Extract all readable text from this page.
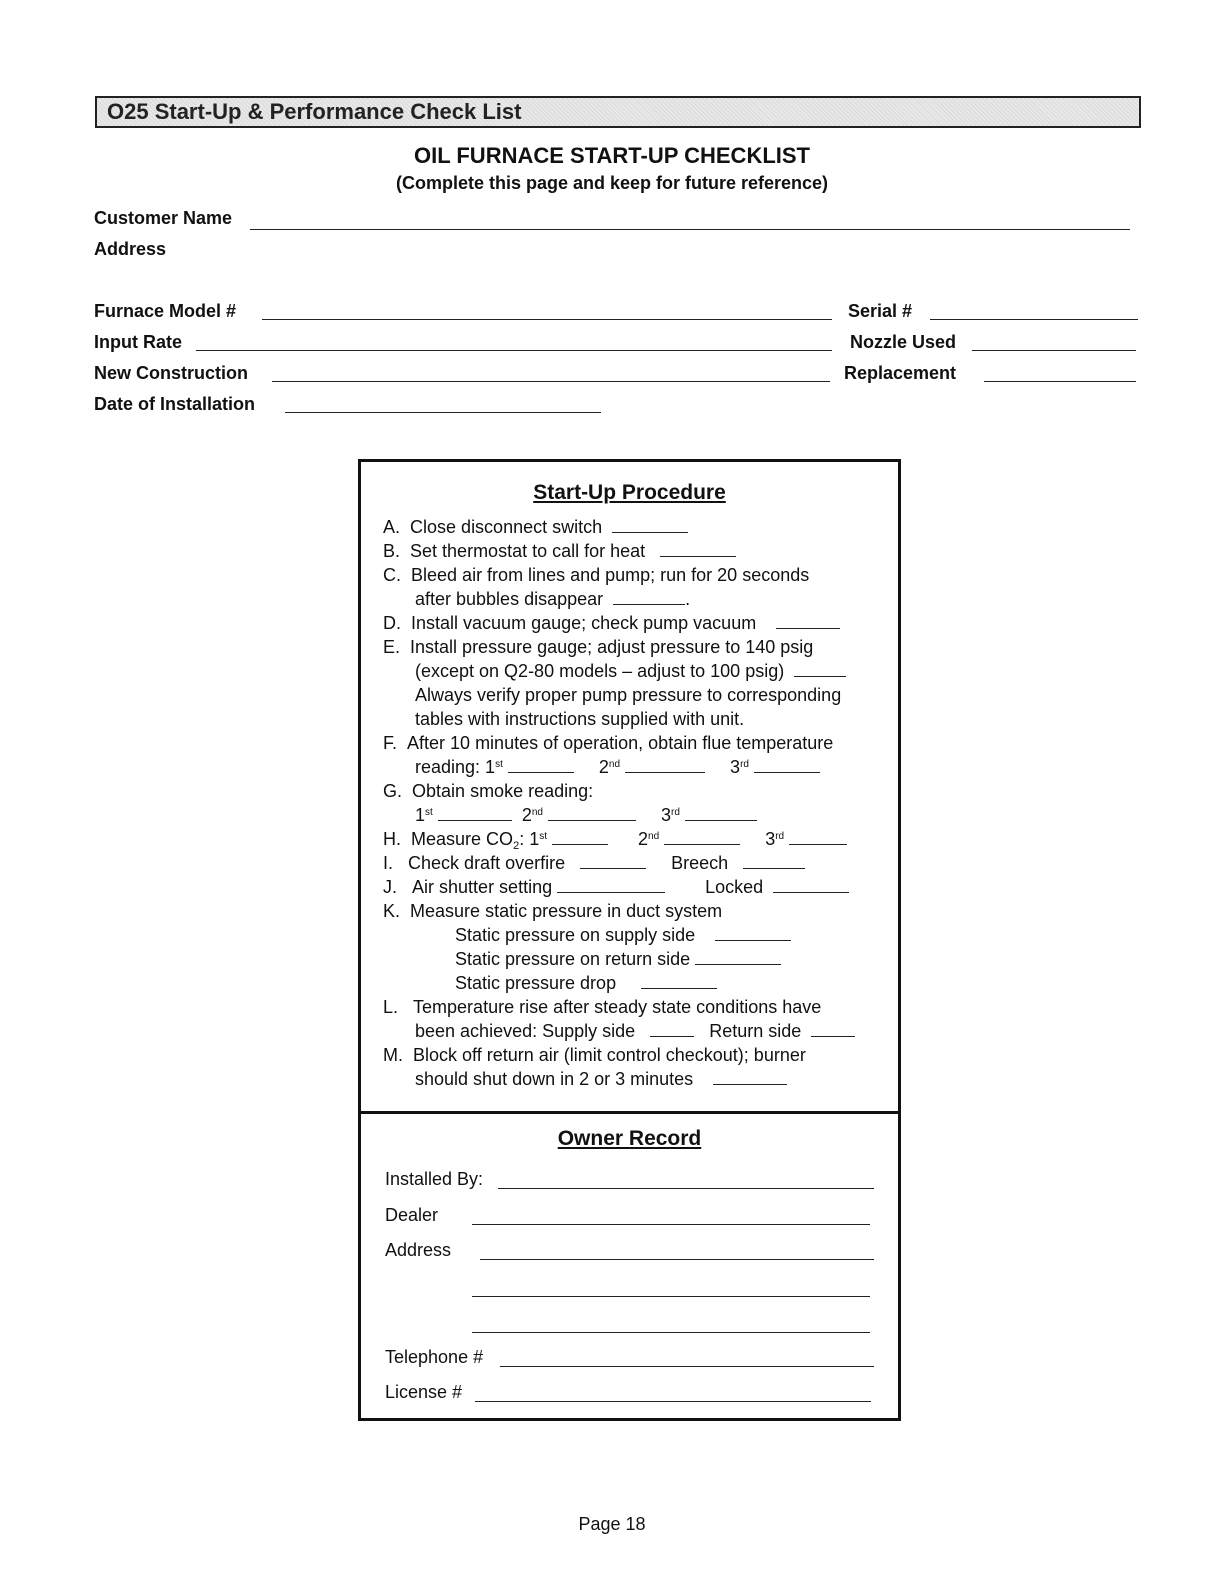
O25 Start-Up & Performance Check List
OIL FURNACE START-UP CHECKLIST
(Complete this page and keep for future reference)
Customer Name
Address
Furnace Model #	Serial #
Input Rate	Nozzle Used
New Construction	Replacement
Date of Installation
Start-Up Procedure
A. Close disconnect switch
B. Set thermostat to call for heat
C. Bleed air from lines and pump; run for 20 seconds
after bubbles disappear	.
D. Install vacuum gauge; check pump vacuum
E. Install pressure gauge; adjust pressure to 140 psig
(except on Q2-80 models – adjust to 100 psig)
Always verify proper pump pressure to corresponding
tables with instructions supplied with unit.
F. After 10 minutes of operation, obtain flue temperature
reading: 1st	2nd	3rd
G. Obtain smoke reading:
1st	2nd	3rd
H. Measure $CO_2$: 1st	2nd	3rd
I. Check draft overfire	Breech
J. Air shutter setting	Locked
K. Measure static pressure in duct system
Static pressure on supply side
Static pressure on return side
Static pressure drop
L. Temperature rise after steady state conditions have
been achieved: Supply side	Return side
M. Block off return air (limit control checkout); burner
should shut down in 2 or 3 minutes
Owner Record
Installed By:
Dealer
Address
Telephone #
License #
Page 18
